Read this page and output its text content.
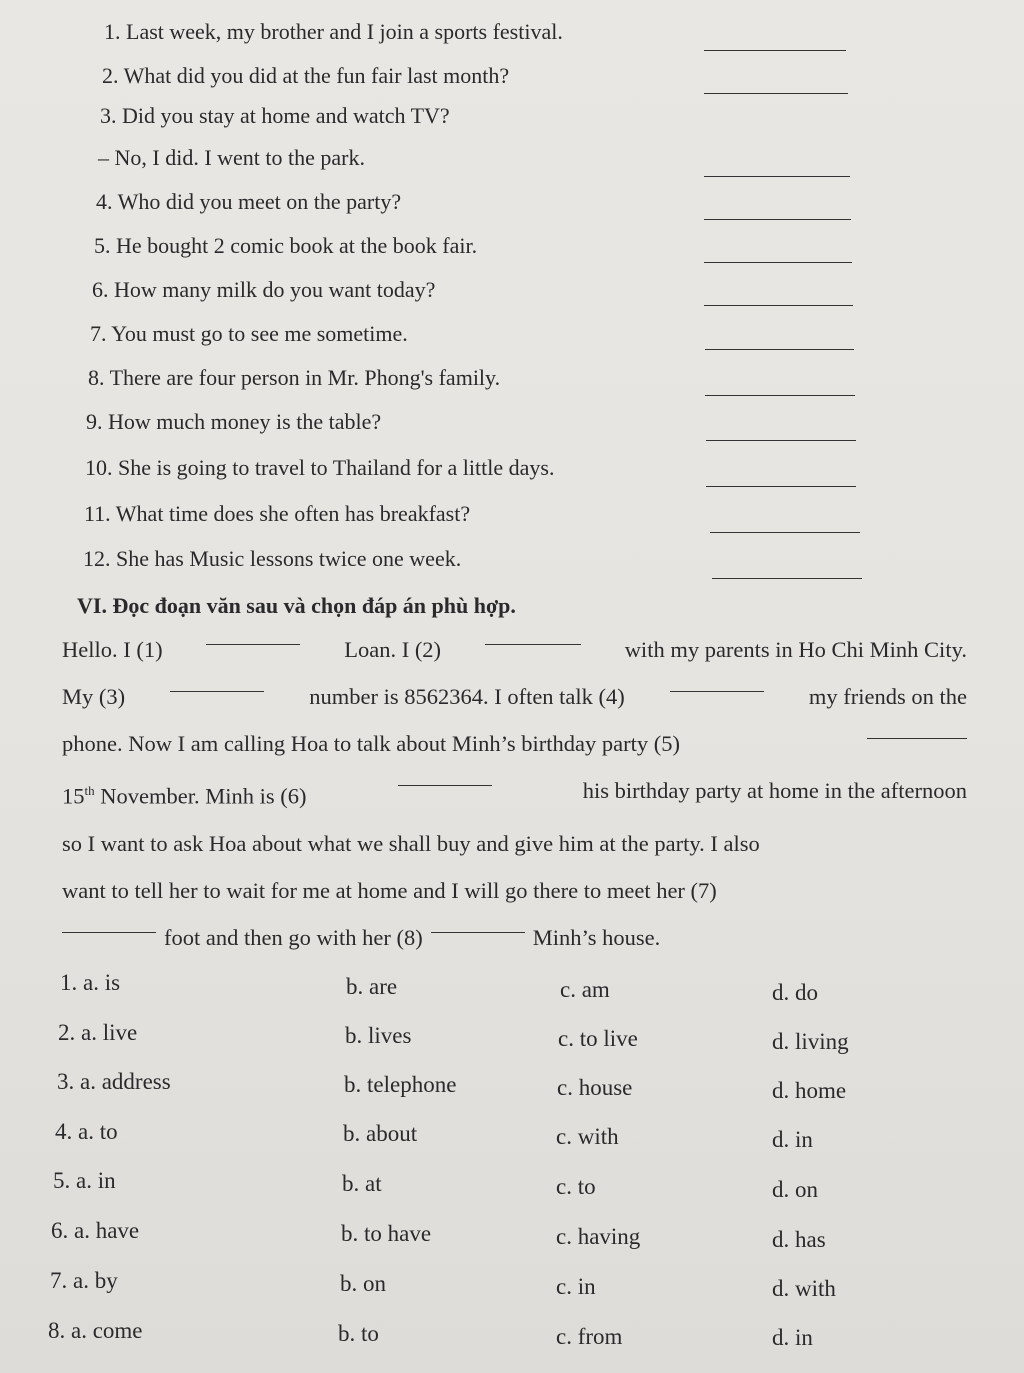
1. Last week, my brother and I join a sports festival.
2. What did you did at the fun fair last month?
3. Did you stay at home and watch TV?
– No, I did. I went to the park.
4. Who did you meet on the party?
5. He bought 2 comic book at the book fair.
6. How many milk do you want today?
7. You must go to see me sometime.
8. There are four person in Mr. Phong's family.
9. How much money is the table?
10. She is going to travel to Thailand for a little days.
11. What time does she often has breakfast?
12. She has Music lessons twice one week.
VI. Đọc đoạn văn sau và chọn đáp án phù hợp.
Hello. I (1)	Loan. I (2)	with my parents in Ho Chi Minh City.
My (3)	number is 8562364. I often talk (4)	my friends on the
phone. Now I am calling Hoa to talk about Minh’s birthday party (5)
15th November. Minh is (6)	his birthday party at home in the afternoon
so I want to ask Hoa about what we shall buy and give him at the party. I also
want to tell her to wait for me at home and I will go there to meet her (7)
foot and then go with her (8)	Minh’s house.
1. a. is	b. are	c. am	d. do
2. a. live	b. lives	c. to live	d. living
3. a. address	b. telephone	c. house	d. home
4. a. to	b. about	c. with	d. in
5. a. in	b. at	c. to	d. on
6. a. have	b. to have	c. having	d. has
7. a. by	b. on	c. in	d. with
8. a. come	b. to	c. from	d. in
